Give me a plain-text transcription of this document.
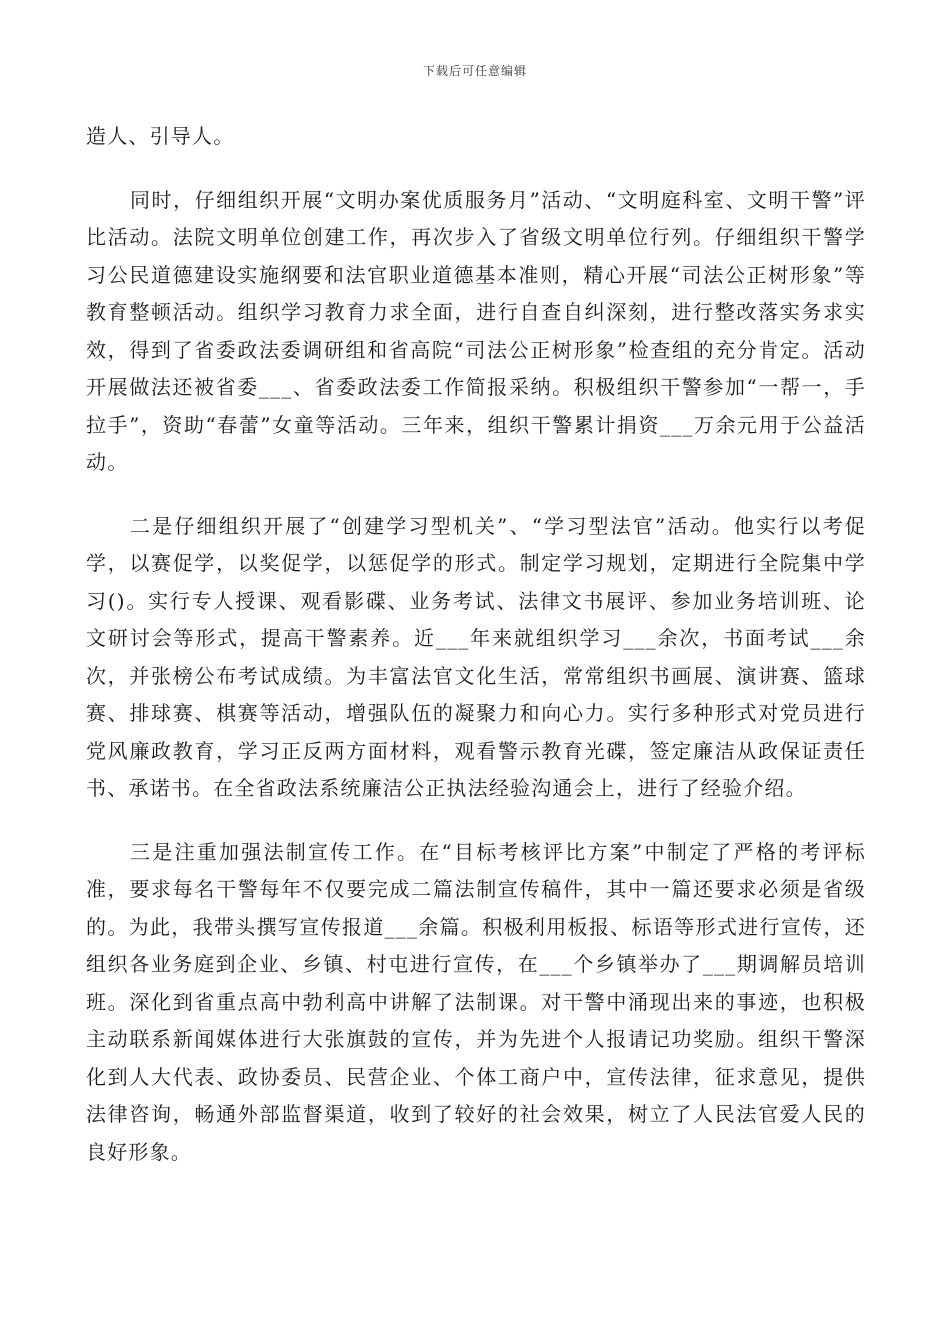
下载后可任意编辑

造人、引导人。

同时，仔细组织开展“文明办案优质服务月”活动、“文明庭科室、文明干警”评比活动。法院文明单位创建工作，再次步入了省级文明单位行列。仔细组织干警学习公民道德建设实施纲要和法官职业道德基本准则，精心开展“司法公正树形象”等教育整顿活动。组织学习教育力求全面，进行自查自纠深刻，进行整改落实务求实效，得到了省委政法委调研组和省高院“司法公正树形象”检查组的充分肯定。活动开展做法还被省委___、省委政法委工作简报采纳。积极组织干警参加“一帮一，手拉手”，资助“春蕾”女童等活动。三年来，组织干警累计捐资___万余元用于公益活动。

二是仔细组织开展了“创建学习型机关”、“学习型法官”活动。他实行以考促学，以赛促学，以奖促学，以惩促学的形式。制定学习规划，定期进行全院集中学习()。实行专人授课、观看影碟、业务考试、法律文书展评、参加业务培训班、论文研讨会等形式，提高干警素养。近___年来就组织学习___余次，书面考试___余次，并张榜公布考试成绩。为丰富法官文化生活，常常组织书画展、演讲赛、篮球赛、排球赛、棋赛等活动，增强队伍的凝聚力和向心力。实行多种形式对党员进行党风廉政教育，学习正反两方面材料，观看警示教育光碟，签定廉洁从政保证责任书、承诺书。在全省政法系统廉洁公正执法经验沟通会上，进行了经验介绍。

三是注重加强法制宣传工作。在“目标考核评比方案”中制定了严格的考评标准，要求每名干警每年不仅要完成二篇法制宣传稿件，其中一篇还要求必须是省级的。为此，我带头撰写宣传报道___余篇。积极利用板报、标语等形式进行宣传，还组织各业务庭到企业、乡镇、村屯进行宣传，在___个乡镇举办了___期调解员培训班。深化到省重点高中勃利高中讲解了法制课。对干警中涌现出来的事迹，也积极主动联系新闻媒体进行大张旗鼓的宣传，并为先进个人报请记功奖励。组织干警深化到人大代表、政协委员、民营企业、个体工商户中，宣传法律，征求意见，提供法律咨询，畅通外部监督渠道，收到了较好的社会效果，树立了人民法官爱人民的良好形象。
